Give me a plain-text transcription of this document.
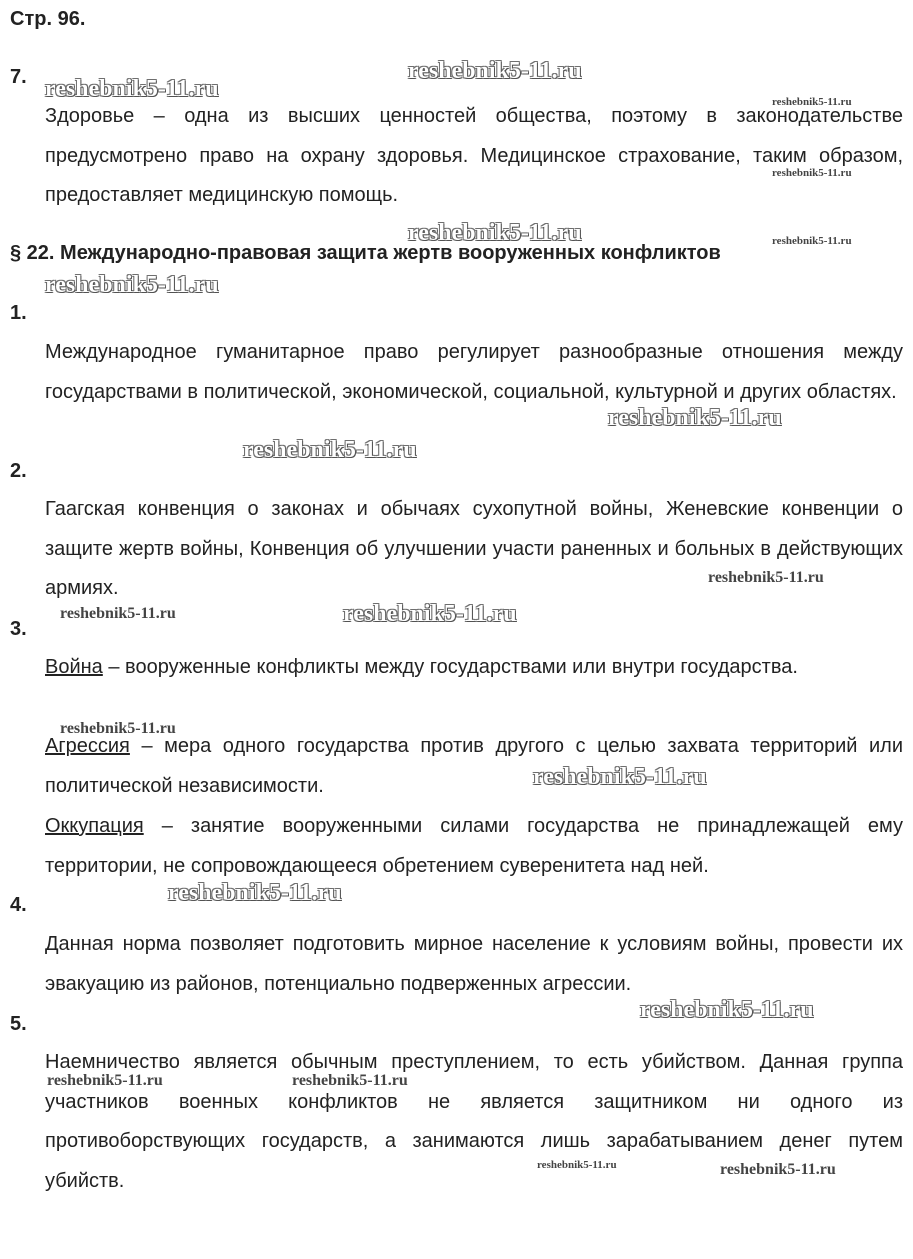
Стр. 96.
7.

Здоровье – одна из высших ценностей общества, поэтому в законодательстве предусмотрено право на охрану здоровья. Медицинское страхование, таким образом, предоставляет медицинскую помощь.

§ 22. Международно-правовая защита жертв вооруженных конфликтов
1.

Международное гуманитарное право регулирует разнообразные отношения между государствами в политической, экономической, социальной, культурной и других областях.

2.

Гаагская конвенция о законах и обычаях сухопутной войны, Женевские конвенции о защите жертв войны, Конвенция об улучшении участи раненных и больных в действующих армиях.

3.

Война – вооруженные конфликты между государствами или внутри государства.

Агрессия – мера одного государства против другого с целью захвата территорий или политической независимости.

Оккупация – занятие вооруженными силами государства не принадлежащей ему территории, не сопровождающееся обретением суверенитета над ней.

4.

Данная норма позволяет подготовить мирное население к условиям войны, провести их эвакуацию из районов, потенциально подверженных агрессии.

5.

Наемничество является обычным преступлением, то есть убийством. Данная группа участников военных конфликтов не является защитником ни одного из противоборствующих государств, а занимаются лишь зарабатыванием денег путем убийств.

reshebnik5-11.ru
reshebnik5-11.ru	reshebnik5-11.ru
reshebnik5-11.ru
reshebnik5-11.ru	reshebnik5-11.ru
reshebnik5-11.ru
reshebnik5-11.ru
reshebnik5-11.ru
reshebnik5-11.ru
reshebnik5-11.ru	reshebnik5-11.ru
reshebnik5-11.ru
reshebnik5-11.ru
reshebnik5-11.ru
reshebnik5-11.ru
reshebnik5-11.ru	reshebnik5-11.ru
reshebnik5-11.ru	reshebnik5-11.ru
